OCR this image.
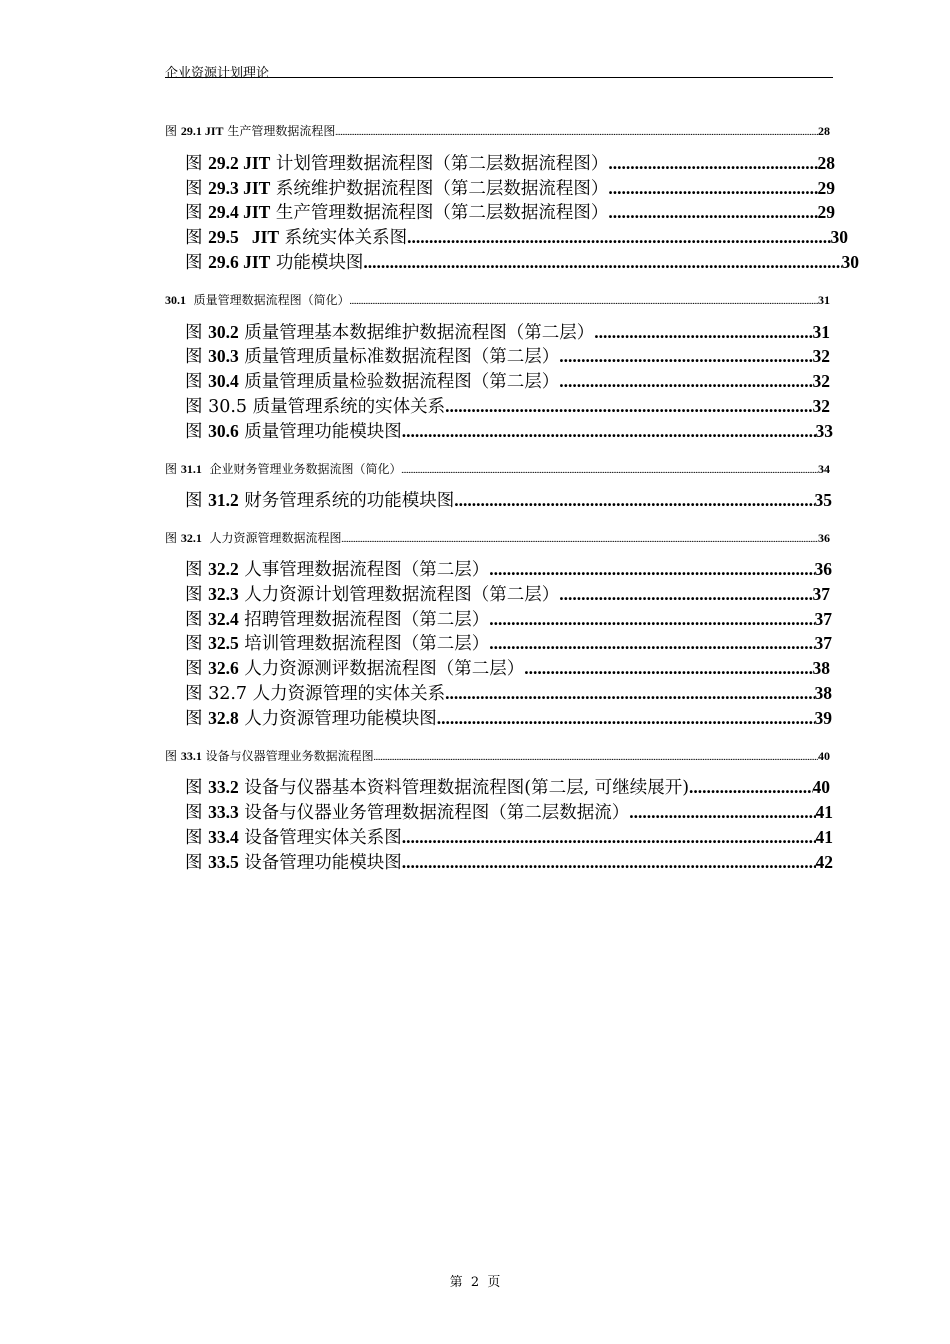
企业资源计划理论
图 29.1 JIT 生产管理数据流程图 .....	28
图 29.2 JIT 计划管理数据流程图（第二层数据流程图） .....	28
图 29.3 JIT 系统维护数据流程图（第二层数据流程图） .....	29
图 29.4 JIT 生产管理数据流程图（第二层数据流程图） .....	29
图 29.5   JIT 系统实体关系图 .....	30
图 29.6 JIT 功能模块图 .....	30
30.1  质量管理数据流程图（简化） .....	31
图 30.2 质量管理基本数据维护数据流程图（第二层） .....	31
图 30.3 质量管理质量标准数据流程图（第二层） .....	32
图 30.4 质量管理质量检验数据流程图（第二层） .....	32
图 30.5 质量管理系统的实体关系 .....	32
图 30.6 质量管理功能模块图 .....	33
图 31.1  企业财务管理业务数据流图（简化） .....	34
图 31.2 财务管理系统的功能模块图 .....	35
图 32.1  人力资源管理数据流程图 .....	36
图 32.2 人事管理数据流程图（第二层） .....	36
图 32.3 人力资源计划管理数据流程图（第二层） .....	37
图 32.4 招聘管理数据流程图（第二层） .....	37
图 32.5 培训管理数据流程图（第二层） .....	37
图 32.6 人力资源测评数据流程图（第二层） .....	38
图 32.7 人力资源管理的实体关系 .....	38
图 32.8 人力资源管理功能模块图 .....	39
图 33.1 设备与仪器管理业务数据流程图 .....	40
图 33.2 设备与仪器基本资料管理数据流程图(第二层, 可继续展开) .....	40
图 33.3 设备与仪器业务管理数据流程图（第二层数据流） .....	41
图 33.4 设备管理实体关系图 .....	41
图 33.5 设备管理功能模块图 .....	42
第  2  页
